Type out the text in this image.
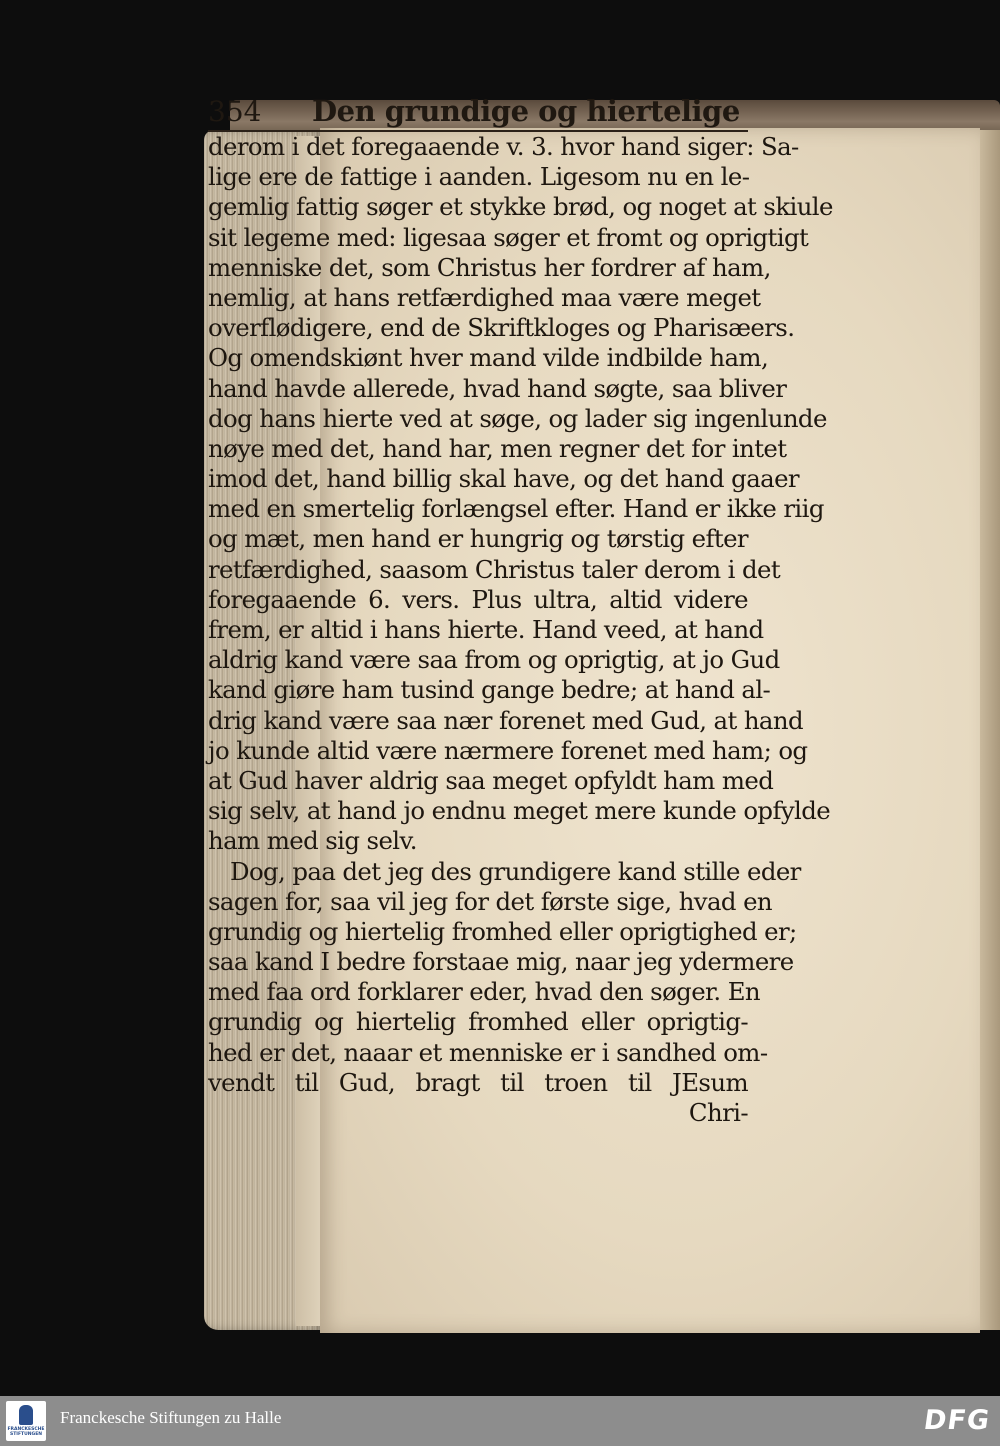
354 Den grundige og hiertelige
derom i det foregaaende v. 3. hvor hand siger: Sa-
lige ere de fattige i aanden. Ligesom nu en le-
gemlig fattig søger et stykke brød, og noget at skiule
sit legeme med: ligesaa søger et fromt og oprigtigt
menniske det, som Christus her fordrer af ham,
nemlig, at hans retfærdighed maa være meget
overflødigere, end de Skriftkloges og Pharisæers.
Og omendskiønt hver mand vilde indbilde ham,
hand havde allerede, hvad hand søgte, saa bliver
dog hans hierte ved at søge, og lader sig ingenlunde
nøye med det, hand har, men regner det for intet
imod det, hand billig skal have, og det hand gaaer
med en smertelig forlængsel efter. Hand er ikke riig
og mæt, men hand er hungrig og tørstig efter
retfærdighed, saasom Christus taler derom i det
foregaaende 6. vers. Plus ultra, altid videre
frem, er altid i hans hierte. Hand veed, at hand
aldrig kand være saa from og oprigtig, at jo Gud
kand giøre ham tusind gange bedre; at hand al-
drig kand være saa nær forenet med Gud, at hand
jo kunde altid være nærmere forenet med ham; og
at Gud haver aldrig saa meget opfyldt ham med
sig selv, at hand jo endnu meget mere kunde opfylde
ham med sig selv.
Dog, paa det jeg des grundigere kand stille eder
sagen for, saa vil jeg for det første sige, hvad en
grundig og hiertelig fromhed eller oprigtighed er;
saa kand I bedre forstaae mig, naar jeg ydermere
med faa ord forklarer eder, hvad den søger. En
grundig og hiertelig fromhed eller oprigtig-
hed er det, naaar et menniske er i sandhed om-
vendt til Gud, bragt til troen til JEsum
Chri-
FRANCKESCHE STIFTUNGEN
Franckesche Stiftungen zu Halle	DFG
